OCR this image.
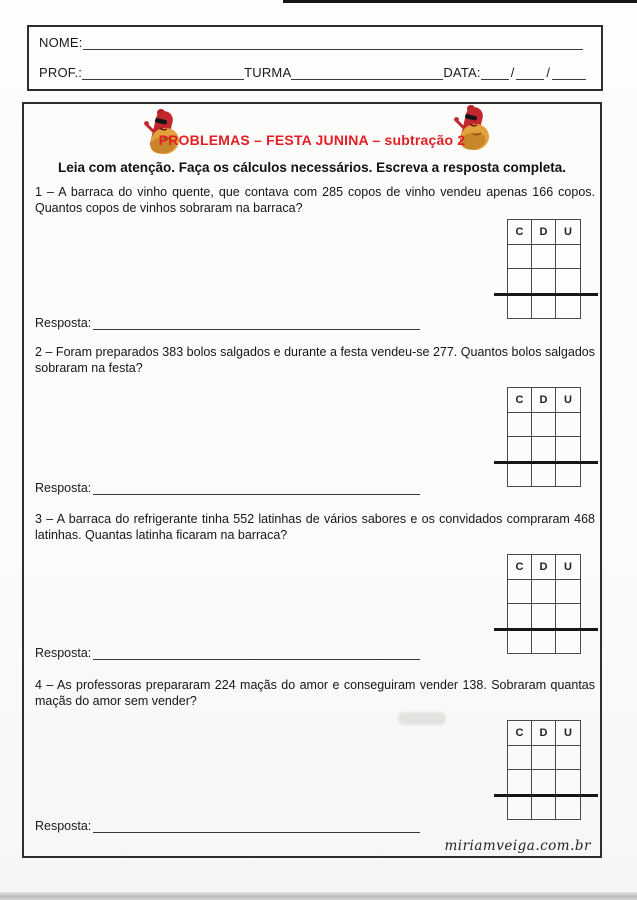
NOME:
PROF.:	TURMA	DATA: / /
PROBLEMAS – FESTA JUNINA – subtração 2
Leia com atenção. Faça os cálculos necessários. Escreva a resposta completa.
1 – A barraca do vinho quente, que contava com 285 copos de vinho vendeu apenas 166 copos. Quantos copos de vinhos sobraram na barraca?
C	D	U
Resposta:
2 – Foram preparados 383 bolos salgados e durante a festa vendeu-se 277. Quantos bolos salgados sobraram na festa?
C	D	U
Resposta:
3 – A barraca do refrigerante tinha 552 latinhas de vários sabores e os convidados compraram 468 latinhas. Quantas latinha ficaram na barraca?
C	D	U
Resposta:
4 – As professoras prepararam 224 maçãs do amor e conseguiram vender 138. Sobraram quantas maçãs do amor sem vender?
C	D	U
Resposta:
miriamveiga.com.br
